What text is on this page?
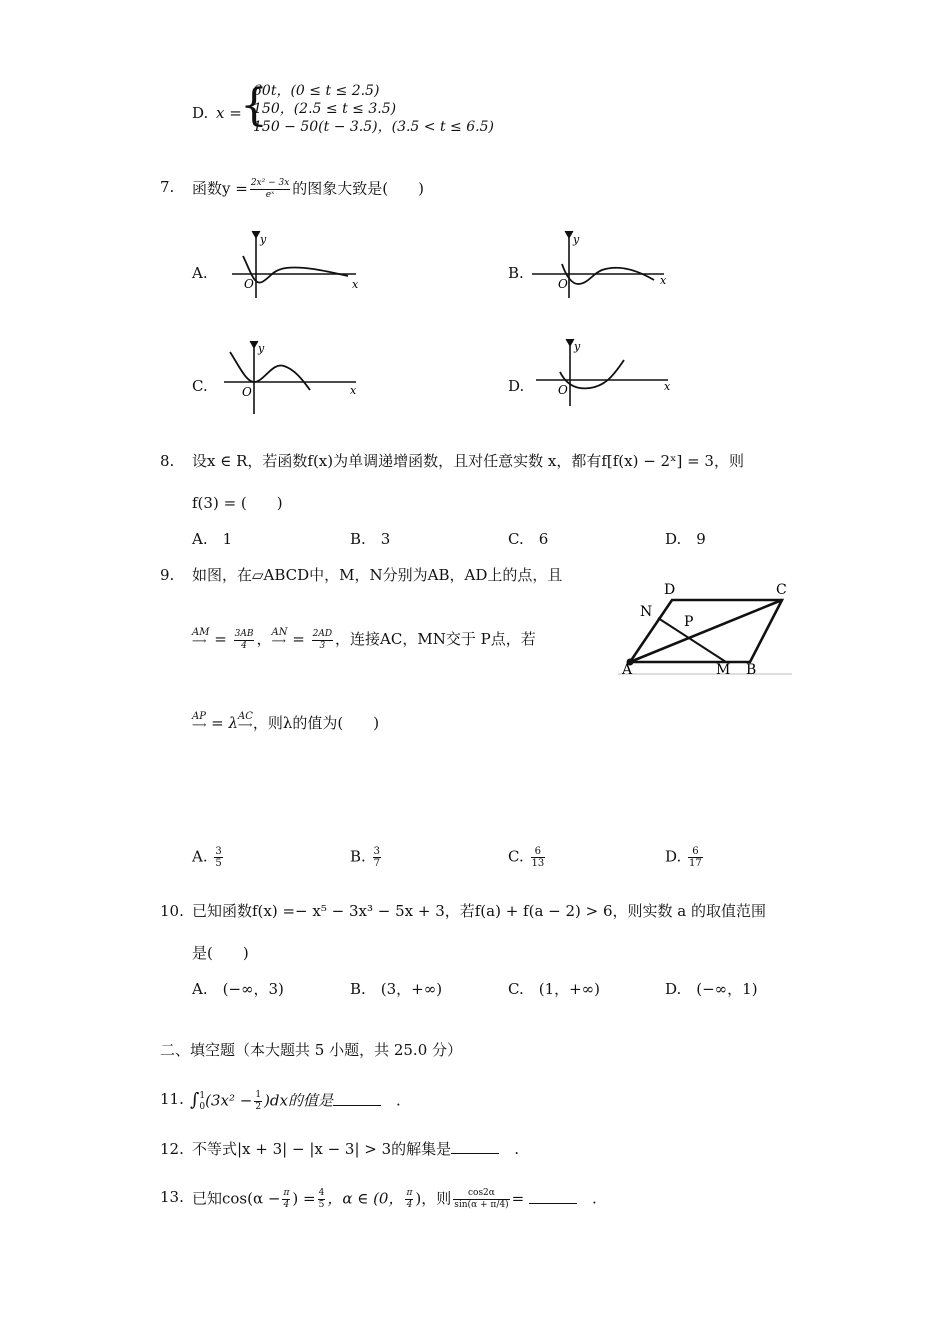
D. x =
{
60t，(0 ≤ t ≤ 2.5)
150，(2.5 ≤ t ≤ 3.5)
150 − 50(t − 3.5)，(3.5 < t ≤ 6.5)
7. 函数$y = \frac{\text{2x² − 3x}}{\text{eˣ}}$ 的图象大致是(　　)
A.
y
x
O
B.
y
x
O
C.
y
x
O	D.
y
x
O
8. 设x ∈ R，若函数f(x)为单调递增函数，且对任意实数 x，都有f[f(x) − 2ˣ] = 3，则
f(3) = (　　)
A.　1	B.　3	C.　6	D.　9
9. 如图，在▱ABCD中，M，N分别为AB，AD上的点，且
AM
⟶ = $\frac{3AB}{4}$ ，AN
⟶ = $\frac{2AD}{3}$ ，连接AC，MN交于 P点，若
AP
⟶ = λAC
⟶ ，则λ的值为(　　)
D	C
N
P
A	M B
A. $\frac{3}{5}$	B. $\frac{3}{7}$	C. $\frac{6}{13}$	D. $\frac{6}{17}$
10. 已知函数f(x) =− x⁵ − 3x³ − 5x + 3，若f(a) + f(a − 2) > 6，则实数 a 的取值范围
是(　　)
A.　(−∞，3)	B.　(3，+∞)	C.　(1，+∞)	D.　(−∞，1)
二、填空题（本大题共 5 小题，共 25.0 分）
11. ∫ 1
0 $(3x^2 - \frac{1}{2} )dx$的值是　	.
12. 不等式|x + 3| − |x − 3| > 3的解集是　	.
13. 已知$\cos(\alpha - \frac{\pi}{4}$ ) = $\frac{4}{5}$ ，α ∈ (0， $\frac{\pi}{4}$ )，则 $\frac{\cos 2\alpha}{\sin(\alpha + \pi/4)}$ = 　	.
